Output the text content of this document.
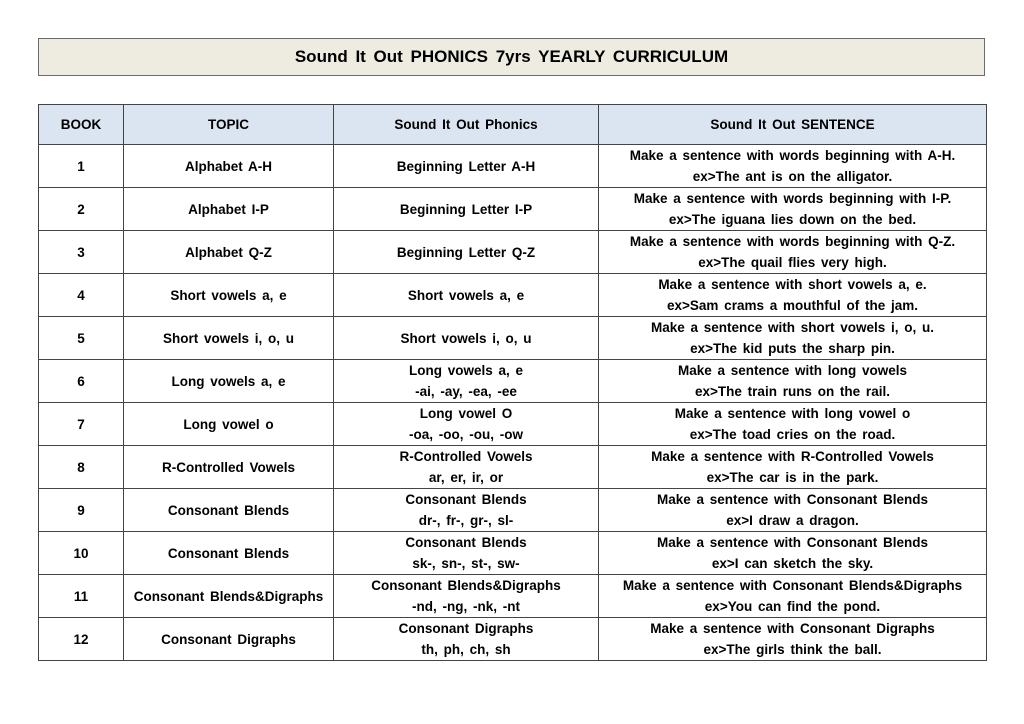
Sound It Out PHONICS 7yrs YEARLY CURRICULUM
BOOK	TOPIC	Sound It Out Phonics	Sound It Out SENTENCE
1	Alphabet A-H	Beginning Letter A-H	Make a sentence with words beginning with A-H.
ex>The ant is on the alligator.

2	Alphabet I-P	Beginning Letter I-P	Make a sentence with words beginning with I-P.
ex>The iguana lies down on the bed.

3	Alphabet Q-Z	Beginning Letter Q-Z	Make a sentence with words beginning with Q-Z.
ex>The quail flies very high.

4	Short vowels a, e	Short vowels a, e	Make a sentence with short vowels a, e.
ex>Sam crams a mouthful of the jam.

5	Short vowels i, o, u	Short vowels i, o, u	Make a sentence with short vowels i, o, u.
ex>The kid puts the sharp pin.

6	Long vowels a, e	Long vowels a, e
-ai, -ay, -ea, -ee	Make a sentence with long vowels
ex>The train runs on the rail.

7	Long vowel o	Long vowel O
-oa, -oo, -ou, -ow	Make a sentence with long vowel o
ex>The toad cries on the road.

8	R-Controlled Vowels	R-Controlled Vowels
ar, er, ir, or	Make a sentence with R-Controlled Vowels
ex>The car is in the park.

9	Consonant Blends	Consonant Blends
dr-, fr-, gr-, sl-	Make a sentence with Consonant Blends
ex>I draw a dragon.

10	Consonant Blends	Consonant Blends
sk-, sn-, st-, sw-	Make a sentence with Consonant Blends
ex>I can sketch the sky.

11	Consonant Blends&Digraphs	Consonant Blends&Digraphs
-nd, -ng, -nk, -nt	Make a sentence with Consonant Blends&Digraphs
ex>You can find the pond.

12	Consonant Digraphs	Consonant Digraphs
th, ph, ch, sh	Make a sentence with Consonant Digraphs
ex>The girls think the ball.
